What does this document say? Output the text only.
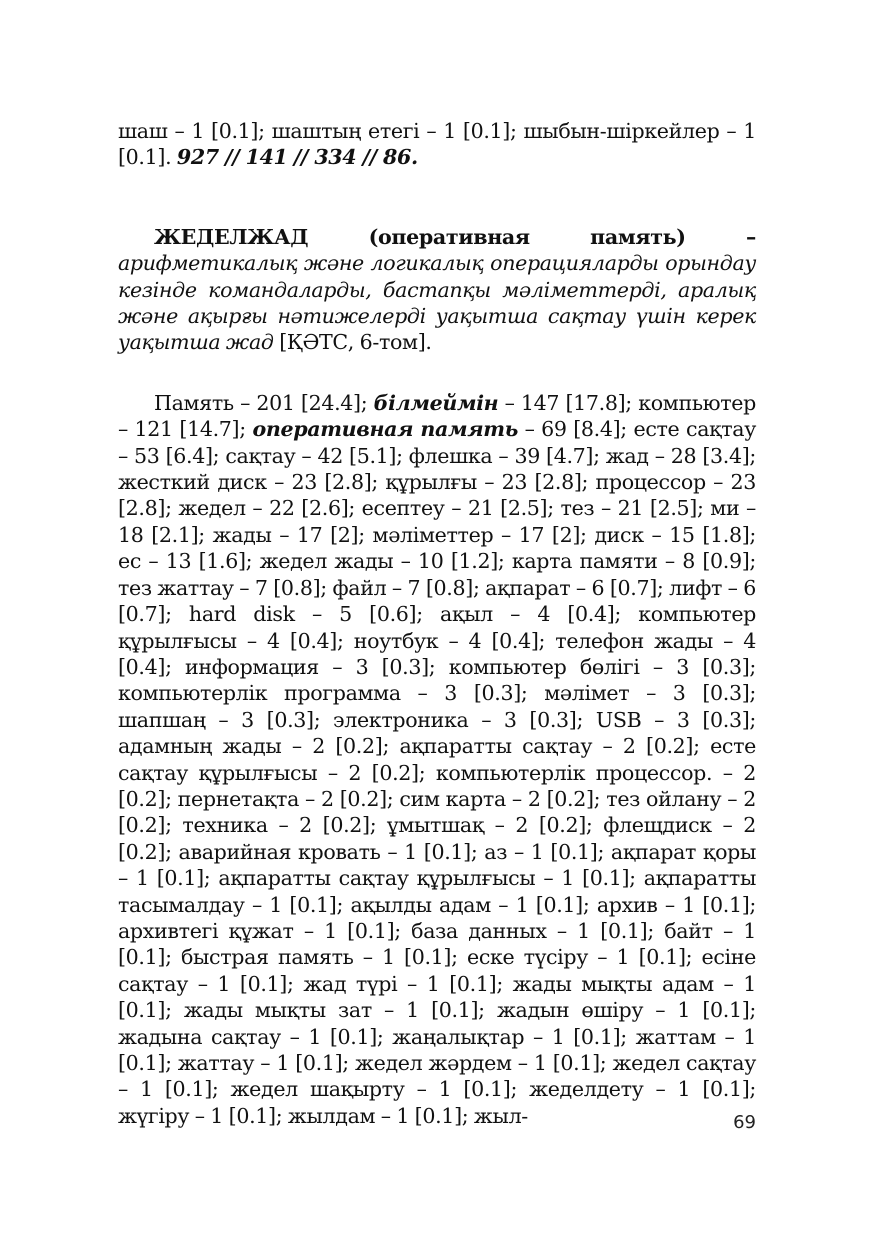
шаш – 1 [0.1]; шаштың етегі – 1 [0.1]; шыбын-шіркейлер – 1 [0.1]. 927 // 141 // 334 // 86.

ЖЕДЕЛЖАД (оперативная память) – арифметикалық және логикалық операцияларды орындау кезінде командаларды, бастапқы мәліметтерді, аралық және ақырғы нәтижелерді уақытша сақтау үшін керек уақытша жад [ҚӘТС, 6-том].

Память – 201 [24.4]; білмеймін – 147 [17.8]; компьютер – 121 [14.7]; оперативная память – 69 [8.4]; есте сақтау – 53 [6.4]; сақтау – 42 [5.1]; флешка – 39 [4.7]; жад – 28 [3.4]; жесткий диск – 23 [2.8]; құрылғы – 23 [2.8]; процессор – 23 [2.8]; жедел – 22 [2.6]; есептеу – 21 [2.5]; тез – 21 [2.5]; ми – 18 [2.1]; жады – 17 [2]; мәліметтер – 17 [2]; диск – 15 [1.8]; ес – 13 [1.6]; жедел жады – 10 [1.2]; карта памяти – 8 [0.9]; тез жаттау – 7 [0.8]; файл – 7 [0.8]; ақпарат – 6 [0.7]; лифт – 6 [0.7]; hard disk – 5 [0.6]; ақыл – 4 [0.4]; компьютер құрылғысы – 4 [0.4]; ноутбук – 4 [0.4]; телефон жады – 4 [0.4]; информация – 3 [0.3]; компьютер бөлігі – 3 [0.3]; компьютерлік программа – 3 [0.3]; мәлімет – 3 [0.3]; шапшаң – 3 [0.3]; электроника – 3 [0.3]; USB – 3 [0.3]; адамның жады – 2 [0.2]; ақпаратты сақтау – 2 [0.2]; есте сақтау құрылғысы – 2 [0.2]; компьютерлік процессор. – 2 [0.2]; пернетақта – 2 [0.2]; сим карта – 2 [0.2]; тез ойлану – 2 [0.2]; техника – 2 [0.2]; ұмытшақ – 2 [0.2]; флещдиск – 2 [0.2]; аварийная кровать – 1 [0.1]; аз – 1 [0.1]; ақпарат қоры – 1 [0.1]; ақпаратты сақтау құрылғысы – 1 [0.1]; ақпаратты тасымалдау – 1 [0.1]; ақылды адам – 1 [0.1]; архив – 1 [0.1]; архивтегі құжат – 1 [0.1]; база данных – 1 [0.1]; байт – 1 [0.1]; быстрая память – 1 [0.1]; еске түсіру – 1 [0.1]; есіне сақтау – 1 [0.1]; жад түрі – 1 [0.1]; жады мықты адам – 1 [0.1]; жады мықты зат – 1 [0.1]; жадын өшіру – 1 [0.1]; жадына сақтау – 1 [0.1]; жаңалықтар – 1 [0.1]; жаттам – 1 [0.1]; жаттау – 1 [0.1]; жедел жәрдем – 1 [0.1]; жедел сақтау – 1 [0.1]; жедел шақырту – 1 [0.1]; жеделдету – 1 [0.1]; жүгіру – 1 [0.1]; жылдам – 1 [0.1]; жыл-	69
